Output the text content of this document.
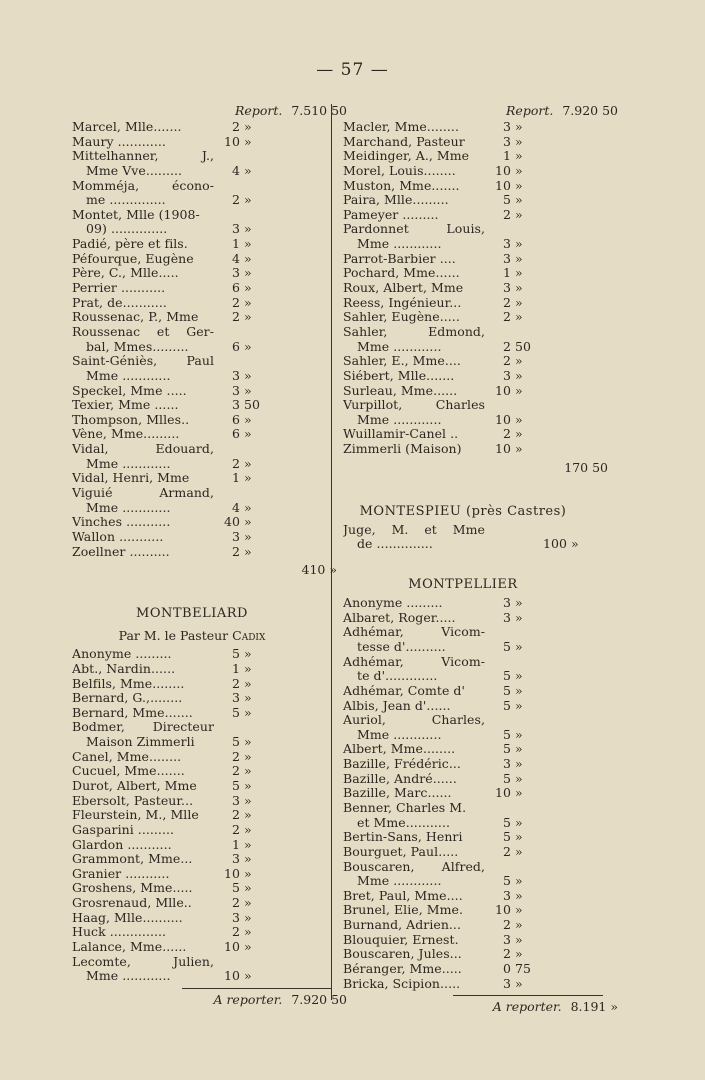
— 57 —
Report. 7.510 50
Marcel, Mlle.......	2 »
Maury ............	10 »
Mittelhanner,	J.,
Mme Vve.........	4 »
Momméja,	écono-
me ..............	2 »
Montet, Mlle (1908-
09) ..............	3 »
Padié, père et fils.	1 »
Péfourque, Eugène	4 »
Père, C., Mlle.....	3 »
Perrier ...........	6 »
Prat, de...........	2 »
Roussenac, P., Mme	2 »
Roussenac et Ger-
bal, Mmes.........	6 »
Saint-Géniès, Paul
Mme ............	3 »
Speckel, Mme .....	3 »
Texier, Mme ......	3 50
Thompson, Mlles..	6 »
Vène, Mme.........	6 »
Vidal,	Edouard,
Mme ............	2 »
Vidal, Henri, Mme	1 »
Viguié	Armand,
Mme ............	4 »
Vinches ...........	40 »
Wallon ...........	3 »
Zoellner ..........	2 »
410 »
MONTBELIARD
Par M. le Pasteur Cadix
Anonyme .........	5 »
Abt., Nardin......	1 »
Belfils, Mme........	2 »
Bernard, G.,........	3 »
Bernard, Mme.......	5 »
Bodmer, Directeur
Maison Zimmerli	5 »
Canel, Mme........	2 »
Cucuel, Mme.......	2 »
Durot, Albert, Mme	5 »
Ebersolt, Pasteur...	3 »
Fleurstein, M., Mlle	2 »
Gasparini .........	2 »
Glardon ...........	1 »
Grammont, Mme...	3 »
Granier ...........	10 »
Groshens, Mme.....	5 »
Grosrenaud, Mlle..	2 »
Haag, Mlle..........	3 »
Huck ..............	2 »
Lalance, Mme......	10 »
Lecomte,	Julien,
Mme ............	10 »
A reporter. 7.920 50
Report. 7.920 50
Macler, Mme........	3 »
Marchand, Pasteur	3 »
Meidinger, A., Mme	1 »
Morel, Louis........	10 »
Muston, Mme.......	10 »
Paira, Mlle.........	5 »
Pameyer .........	2 »
Pardonnet	Louis,
Mme ............	3 »
Parrot-Barbier ....	3 »
Pochard, Mme......	1 »
Roux, Albert, Mme	3 »
Reess, Ingénieur...	2 »
Sahler, Eugène.....	2 »
Sahler,	Edmond,
Mme ............	2 50
Sahler, E., Mme....	2 »
Siébert, Mlle.......	3 »
Surleau, Mme......	10 »
Vurpillot,	Charles
Mme ............	10 »
Wuillamir-Canel ..	2 »
Zimmerli (Maison)	10 »
170 50
MONTESPIEU (près Castres)
Juge, M. et Mme
de ..............	100 »
MONTPELLIER
Anonyme .........	3 »
Albaret, Roger.....	3 »
Adhémar,	Vicom-
tesse d'..........	5 »
Adhémar,	Vicom-
te d'.............	5 »
Adhémar, Comte d'	5 »
Albis, Jean d'......	5 »
Auriol,	Charles,
Mme ............	5 »
Albert, Mme........	5 »
Bazille, Frédéric...	3 »
Bazille, André......	5 »
Bazille, Marc......	10 »
Benner, Charles M.
et Mme...........	5 »
Bertin-Sans, Henri	5 »
Bourguet, Paul.....	2 »
Bouscaren, Alfred,
Mme ............	5 »
Bret, Paul, Mme....	3 »
Brunel, Elie, Mme.	10 »
Burnand, Adrien...	2 »
Blouquier, Ernest.	3 »
Bouscaren, Jules...	2 »
Béranger, Mme.....	0 75
Bricka, Scipion.....	3 »
A reporter. 8.191 »
